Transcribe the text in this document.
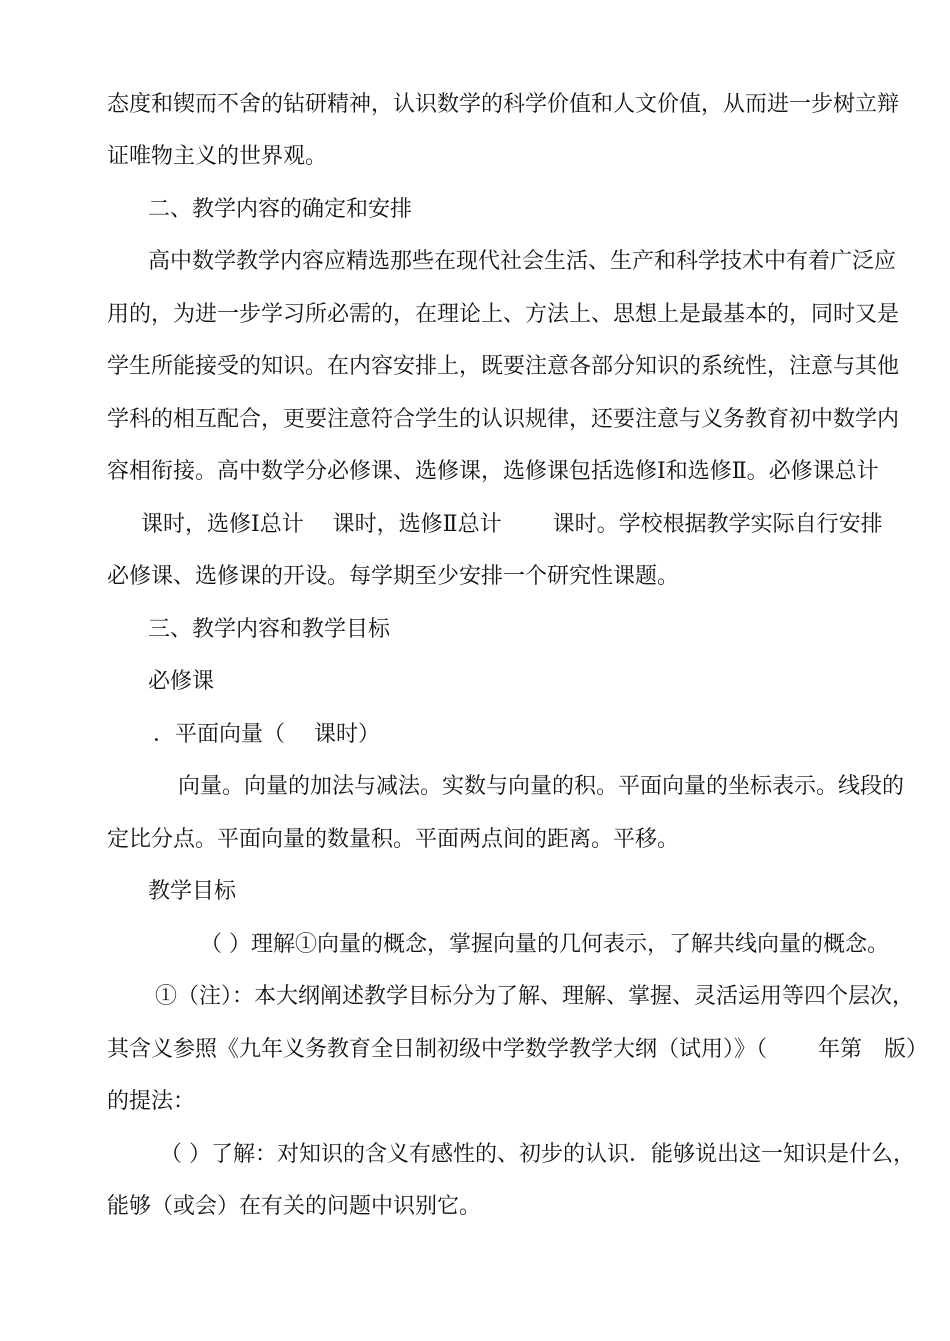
态度和锲而不舍的钻研精神，认识数学的科学价值和人文价值，从而进一步树立辩
证唯物主义的世界观。
二、教学内容的确定和安排
高中数学教学内容应精选那些在现代社会生活、生产和科学技术中有着广泛应
用的，为进一步学习所必需的，在理论上、方法上、思想上是最基本的，同时又是
学生所能接受的知识。在内容安排上，既要注意各部分知识的系统性，注意与其他
学科的相互配合，更要注意符合学生的认识规律，还要注意与义务教育初中数学内
容相衔接。高中数学分必修课、选修课，选修课包括选修Ⅰ和选修Ⅱ。必修课总计
课时，选修Ⅰ总计　 课时，选修Ⅱ总计　 　课时。学校根据教学实际自行安排
必修课、选修课的开设。每学期至少安排一个研究性课题。
三、教学内容和教学目标
必修课
．平面向量（　 课时）
向量。向量的加法与减法。实数与向量的积。平面向量的坐标表示。线段的
定比分点。平面向量的数量积。平面两点间的距离。平移。
教学目标
（ ）理解①向量的概念，掌握向量的几何表示，了解共线向量的概念。
①（注）：本大纲阐述教学目标分为了解、理解、掌握、灵活运用等四个层次，
其含义参照《九年义务教育全日制初级中学数学教学大纲（试用）》（　 　年第　版）
的提法：
（ ）了解：对知识的含义有感性的、初步的认识．能够说出这一知识是什么，
能够（或会）在有关的问题中识别它。
